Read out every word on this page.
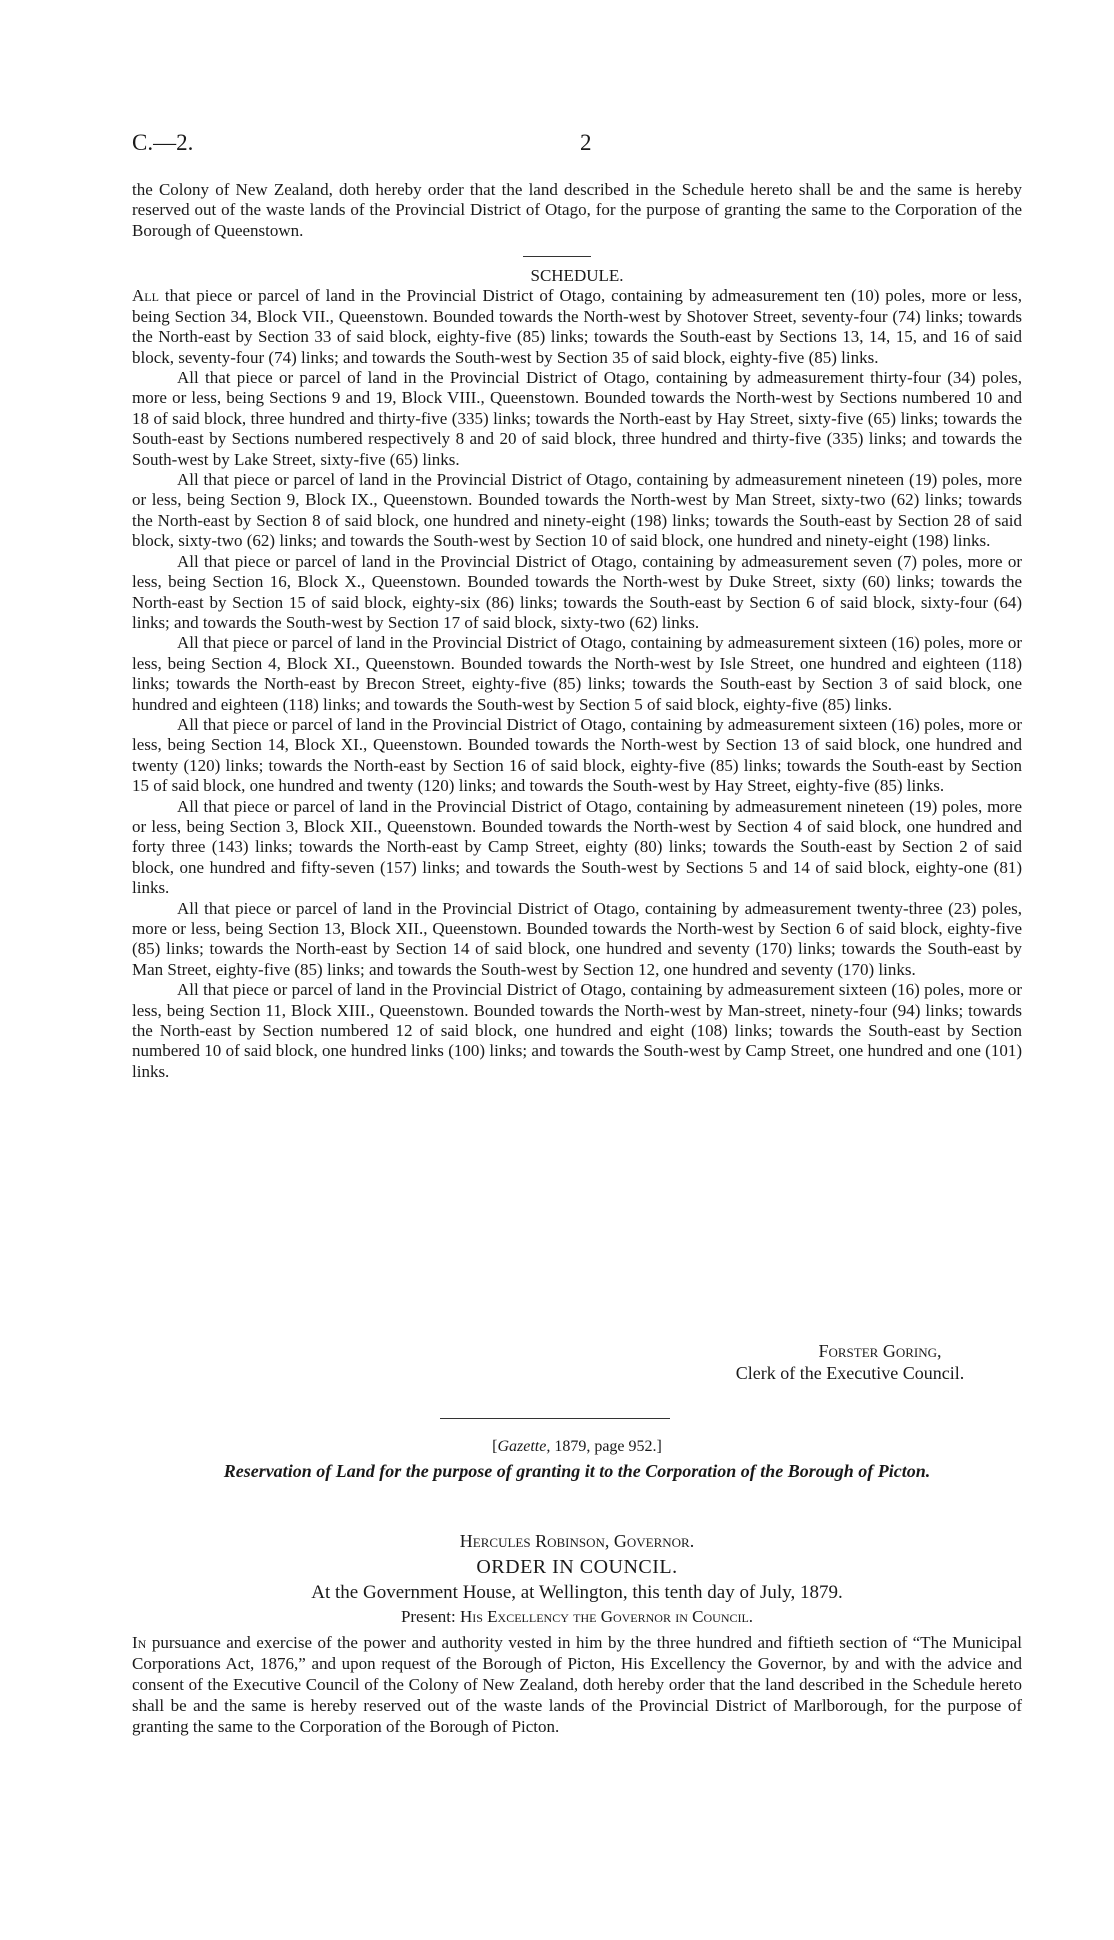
C.—2.	2

the Colony of New Zealand, doth hereby order that the land described in the Schedule hereto shall be and the same is hereby reserved out of the waste lands of the Provincial District of Otago, for the purpose of granting the same to the Corporation of the Borough of Queenstown.

SCHEDULE.

All that piece or parcel of land in the Provincial District of Otago, containing by admeasurement ten (10) poles, more or less, being Section 34, Block VII., Queenstown. Bounded towards the North-west by Shotover Street, seventy-four (74) links; towards the North-east by Section 33 of said block, eighty-five (85) links; towards the South-east by Sections 13, 14, 15, and 16 of said block, seventy-four (74) links; and towards the South-west by Section 35 of said block, eighty-five (85) links.

All that piece or parcel of land in the Provincial District of Otago, containing by admeasurement thirty-four (34) poles, more or less, being Sections 9 and 19, Block VIII., Queenstown. Bounded towards the North-west by Sections numbered 10 and 18 of said block, three hundred and thirty-five (335) links; towards the North-east by Hay Street, sixty-five (65) links; towards the South-east by Sections numbered respectively 8 and 20 of said block, three hundred and thirty-five (335) links; and towards the South-west by Lake Street, sixty-five (65) links.

All that piece or parcel of land in the Provincial District of Otago, containing by admeasurement nineteen (19) poles, more or less, being Section 9, Block IX., Queenstown. Bounded towards the North-west by Man Street, sixty-two (62) links; towards the North-east by Section 8 of said block, one hundred and ninety-eight (198) links; towards the South-east by Section 28 of said block, sixty-two (62) links; and towards the South-west by Section 10 of said block, one hundred and ninety-eight (198) links.

All that piece or parcel of land in the Provincial District of Otago, containing by admeasurement seven (7) poles, more or less, being Section 16, Block X., Queenstown. Bounded towards the North-west by Duke Street, sixty (60) links; towards the North-east by Section 15 of said block, eighty-six (86) links; towards the South-east by Section 6 of said block, sixty-four (64) links; and towards the South-west by Section 17 of said block, sixty-two (62) links.

All that piece or parcel of land in the Provincial District of Otago, containing by admeasurement sixteen (16) poles, more or less, being Section 4, Block XI., Queenstown. Bounded towards the North-west by Isle Street, one hundred and eighteen (118) links; towards the North-east by Brecon Street, eighty-five (85) links; towards the South-east by Section 3 of said block, one hundred and eighteen (118) links; and towards the South-west by Section 5 of said block, eighty-five (85) links.

All that piece or parcel of land in the Provincial District of Otago, containing by admeasurement sixteen (16) poles, more or less, being Section 14, Block XI., Queenstown. Bounded towards the North-west by Section 13 of said block, one hundred and twenty (120) links; towards the North-east by Section 16 of said block, eighty-five (85) links; towards the South-east by Section 15 of said block, one hundred and twenty (120) links; and towards the South-west by Hay Street, eighty-five (85) links.

All that piece or parcel of land in the Provincial District of Otago, containing by admeasurement nineteen (19) poles, more or less, being Section 3, Block XII., Queenstown. Bounded towards the North-west by Section 4 of said block, one hundred and forty three (143) links; towards the North-east by Camp Street, eighty (80) links; towards the South-east by Section 2 of said block, one hundred and fifty-seven (157) links; and towards the South-west by Sections 5 and 14 of said block, eighty-one (81) links.

All that piece or parcel of land in the Provincial District of Otago, containing by admeasurement twenty-three (23) poles, more or less, being Section 13, Block XII., Queenstown. Bounded towards the North-west by Section 6 of said block, eighty-five (85) links; towards the North-east by Section 14 of said block, one hundred and seventy (170) links; towards the South-east by Man Street, eighty-five (85) links; and towards the South-west by Section 12, one hundred and seventy (170) links.

All that piece or parcel of land in the Provincial District of Otago, containing by admeasurement sixteen (16) poles, more or less, being Section 11, Block XIII., Queenstown. Bounded towards the North-west by Man-street, ninety-four (94) links; towards the North-east by Section numbered 12 of said block, one hundred and eight (108) links; towards the South-east by Section numbered 10 of said block, one hundred links (100) links; and towards the South-west by Camp Street, one hundred and one (101) links.

Forster Goring,

Clerk of the Executive Council.

[Gazette, 1879, page 952.]

Reservation of Land for the purpose of granting it to the Corporation of the Borough of Picton.

Hercules Robinson, Governor.

ORDER IN COUNCIL.

At the Government House, at Wellington, this tenth day of July, 1879.

Present: His Excellency the Governor in Council.

In pursuance and exercise of the power and authority vested in him by the three hundred and fiftieth section of “The Municipal Corporations Act, 1876,” and upon request of the Borough of Picton, His Excellency the Governor, by and with the advice and consent of the Executive Council of the Colony of New Zealand, doth hereby order that the land described in the Schedule hereto shall be and the same is hereby reserved out of the waste lands of the Provincial District of Marlborough, for the purpose of granting the same to the Corporation of the Borough of Picton.
